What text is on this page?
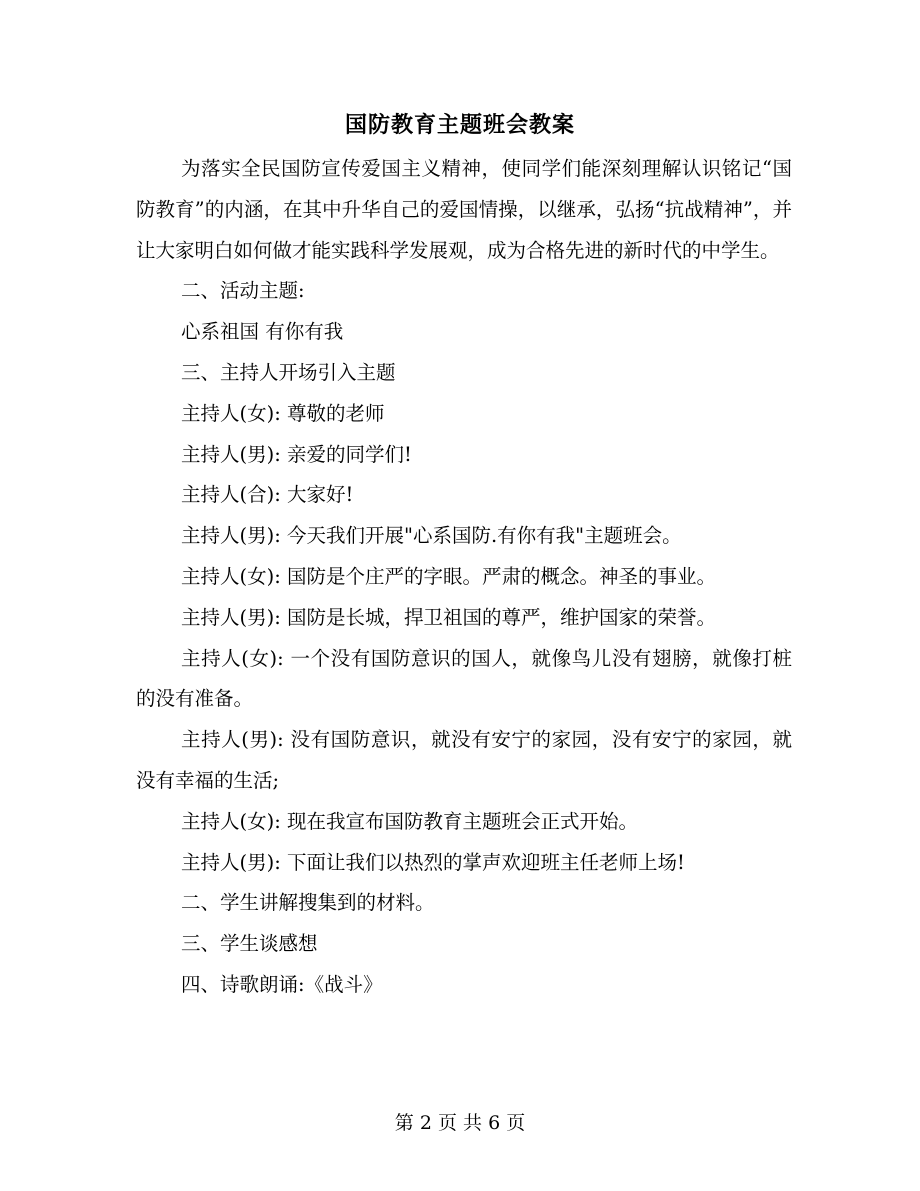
国防教育主题班会教案

为落实全民国防宣传爱国主义精神，使同学们能深刻理解认识铭记“国防教育”的内涵，在其中升华自己的爱国情操，以继承，弘扬“抗战精神”，并让大家明白如何做才能实践科学发展观，成为合格先进的新时代的中学生。

二、活动主题:

心系祖国 有你有我

三、主持人开场引入主题

主持人(女): 尊敬的老师

主持人(男): 亲爱的同学们!

主持人(合): 大家好!

主持人(男): 今天我们开展"心系国防.有你有我"主题班会。

主持人(女): 国防是个庄严的字眼。严肃的概念。神圣的事业。

主持人(男): 国防是长城，捍卫祖国的尊严，维护国家的荣誉。

主持人(女): 一个没有国防意识的国人，就像鸟儿没有翅膀，就像打桩的没有准备。

主持人(男): 没有国防意识，就没有安宁的家园，没有安宁的家园，就没有幸福的生活;

主持人(女): 现在我宣布国防教育主题班会正式开始。

主持人(男): 下面让我们以热烈的掌声欢迎班主任老师上场!

二、学生讲解搜集到的材料。

三、学生谈感想

四、诗歌朗诵:《战斗》

第 2 页 共 6 页
